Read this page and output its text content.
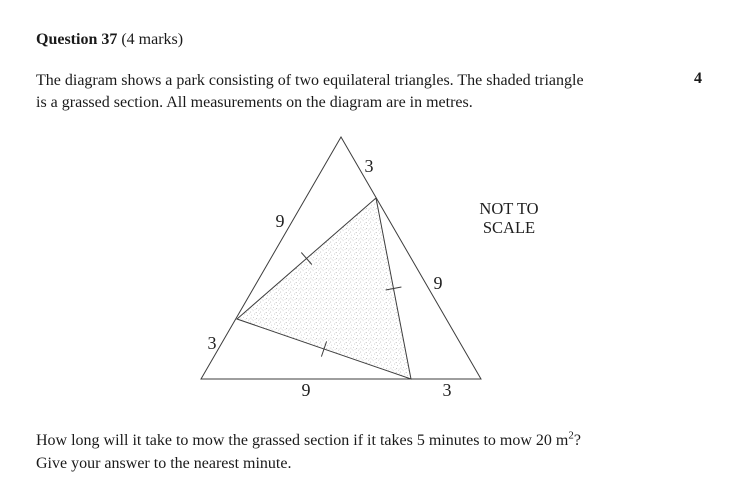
Question 37 (4 marks)
4
The diagram shows a park consisting of two equilateral triangles. The shaded triangle
is a grassed section. All measurements on the diagram are in metres.
3
9
9
3
9	3
NOT TO
SCALE
How long will it take to mow the grassed section if it takes 5 minutes to mow 20 $m^2$?
Give your answer to the nearest minute.
